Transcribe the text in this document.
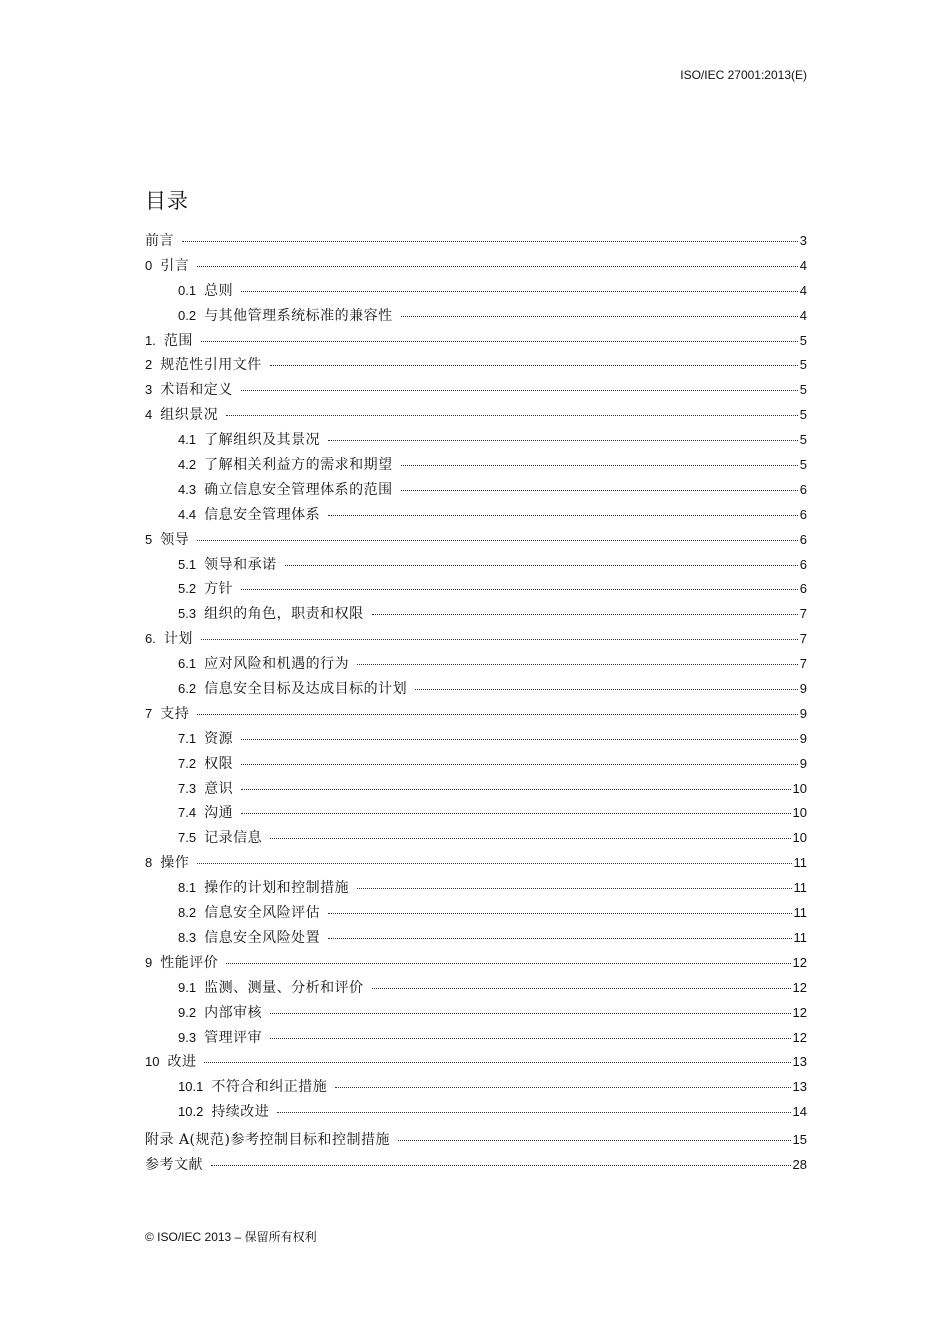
ISO/IEC 27001:2013(E)
目录
前言	3
0 引言	4
0.1 总则	4
0.2 与其他管理系统标准的兼容性	4
1. 范围	5
2 规范性引用文件	5
3 术语和定义	5
4 组织景况	5
4.1 了解组织及其景况	5
4.2 了解相关利益方的需求和期望	5
4.3 确立信息安全管理体系的范围	6
4.4 信息安全管理体系	6
5 领导	6
5.1 领导和承诺	6
5.2 方针	6
5.3 组织的角色，职责和权限	7
6. 计划	7
6.1 应对风险和机遇的行为	7
6.2 信息安全目标及达成目标的计划	9
7 支持	9
7.1 资源	9
7.2 权限	9
7.3 意识	10
7.4 沟通	10
7.5 记录信息	10
8 操作	11
8.1 操作的计划和控制措施	11
8.2 信息安全风险评估	11
8.3 信息安全风险处置	11
9 性能评价	12
9.1 监测、测量、分析和评价	12
9.2 内部审核	12
9.3 管理评审	12
10 改进	13
10.1 不符合和纠正措施	13
10.2 持续改进	14
附录 A(规范)参考控制目标和控制措施	15
参考文献	28
© ISO/IEC 2013 – 保留所有权利
